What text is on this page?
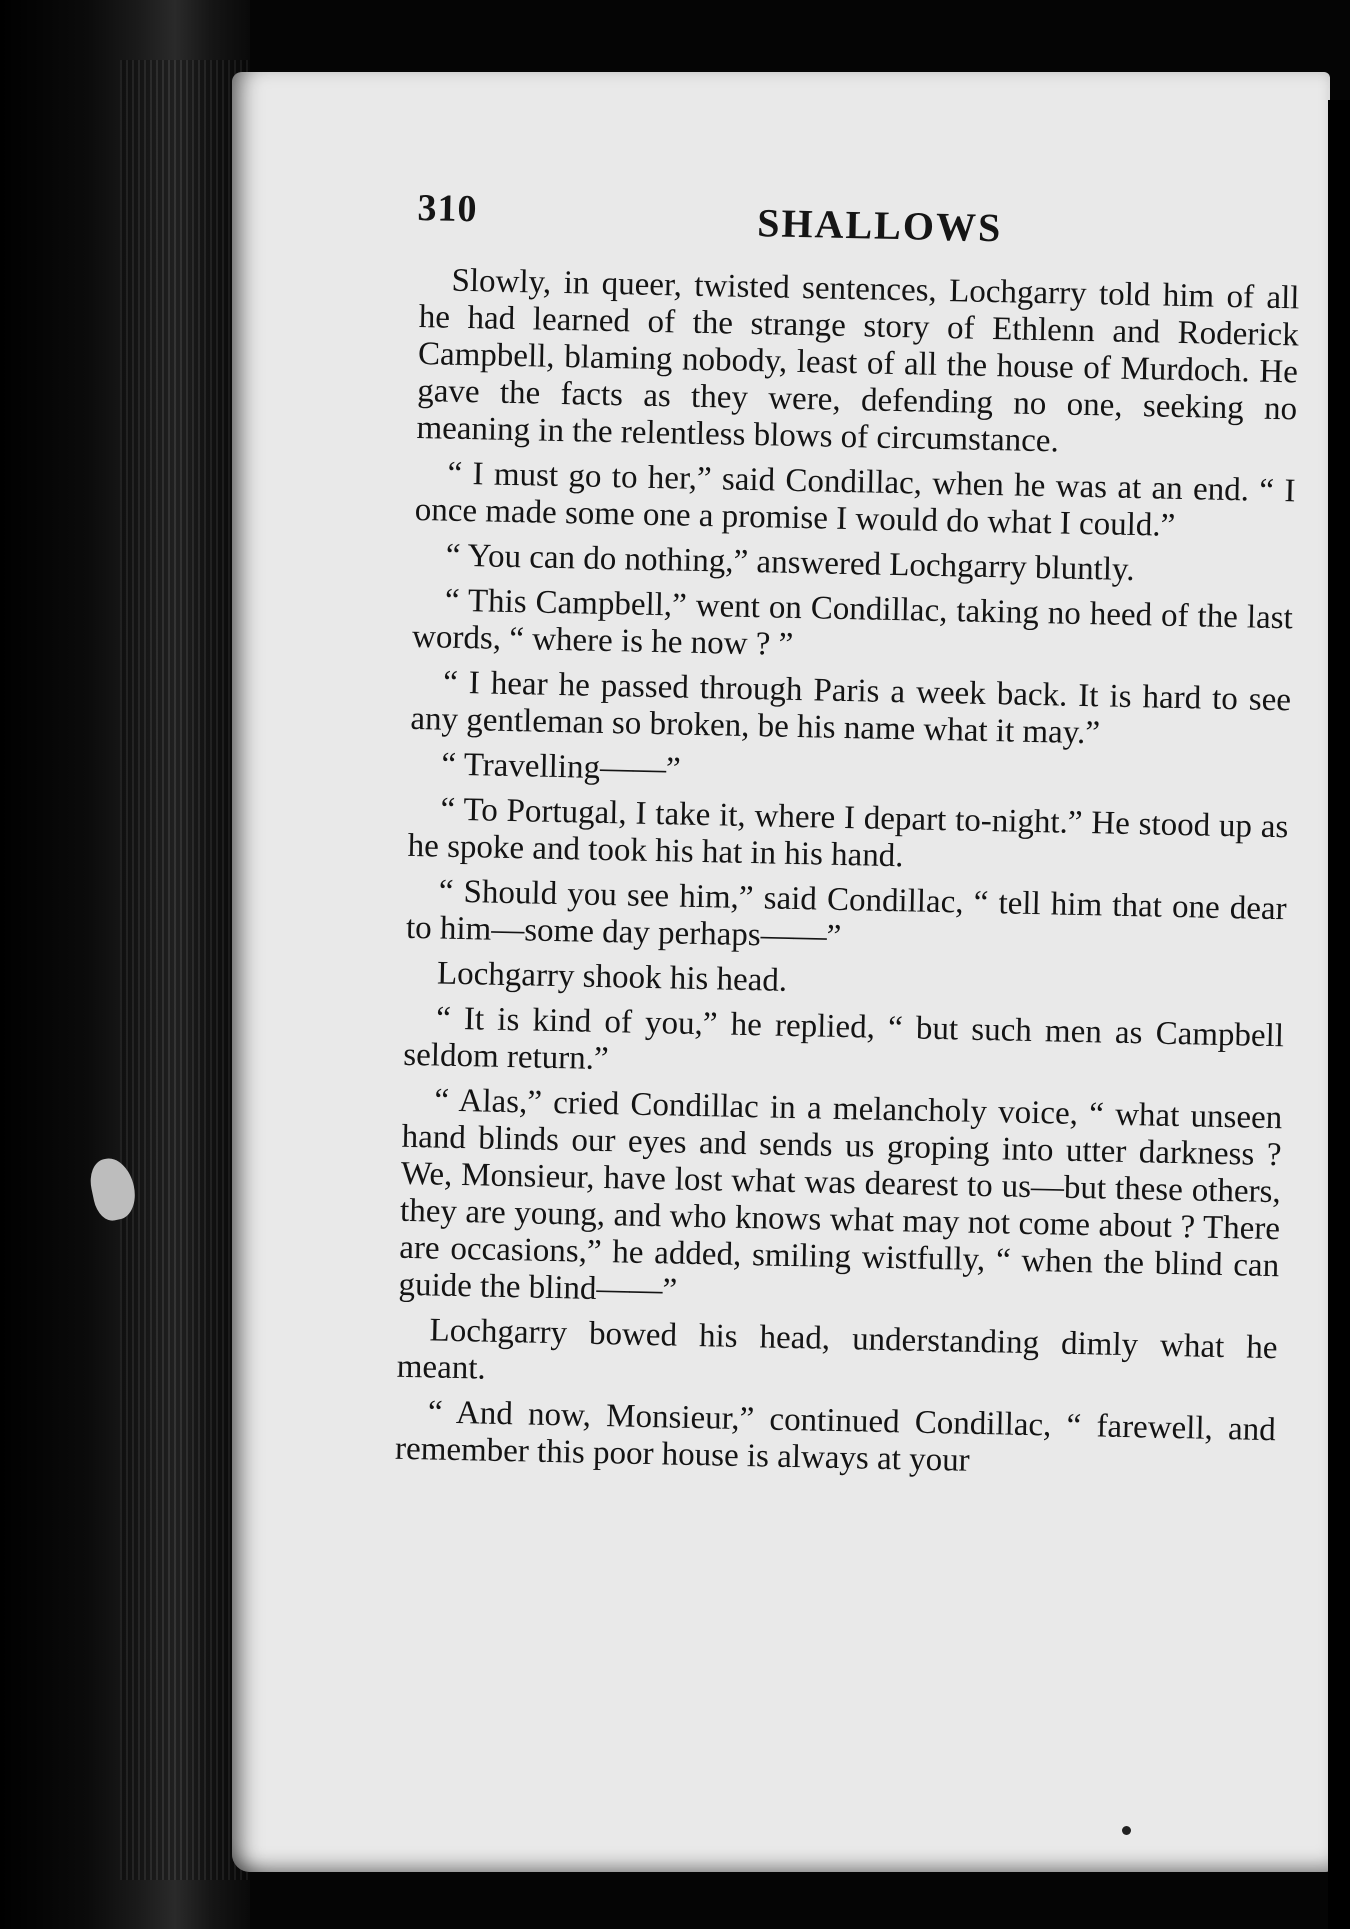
310	SHALLOWS

Slowly, in queer, twisted sentences, Lochgarry told him of all he had learned of the strange story of Ethlenn and Roderick Campbell, blaming nobody, least of all the house of Murdoch. He gave the facts as they were, defending no one, seeking no meaning in the relentless blows of circumstance.

“ I must go to her,” said Condillac, when he was at an end. “ I once made some one a promise I would do what I could.”

“ You can do nothing,” answered Lochgarry bluntly.

“ This Campbell,” went on Condillac, taking no heed of the last words, “ where is he now ? ”

“ I hear he passed through Paris a week back. It is hard to see any gentleman so broken, be his name what it may.”

“ Travelling——”

“ To Portugal, I take it, where I depart to-night.” He stood up as he spoke and took his hat in his hand.

“ Should you see him,” said Condillac, “ tell him that one dear to him—some day perhaps——”

Lochgarry shook his head.

“ It is kind of you,” he replied, “ but such men as Campbell seldom return.”

“ Alas,” cried Condillac in a melancholy voice, “ what unseen hand blinds our eyes and sends us groping into utter darkness ? We, Monsieur, have lost what was dearest to us—but these others, they are young, and who knows what may not come about ? There are occasions,” he added, smiling wistfully, “ when the blind can guide the blind——”

Lochgarry bowed his head, understanding dimly what he meant.

“ And now, Monsieur,” continued Condillac, “ farewell, and remember this poor house is always at your
